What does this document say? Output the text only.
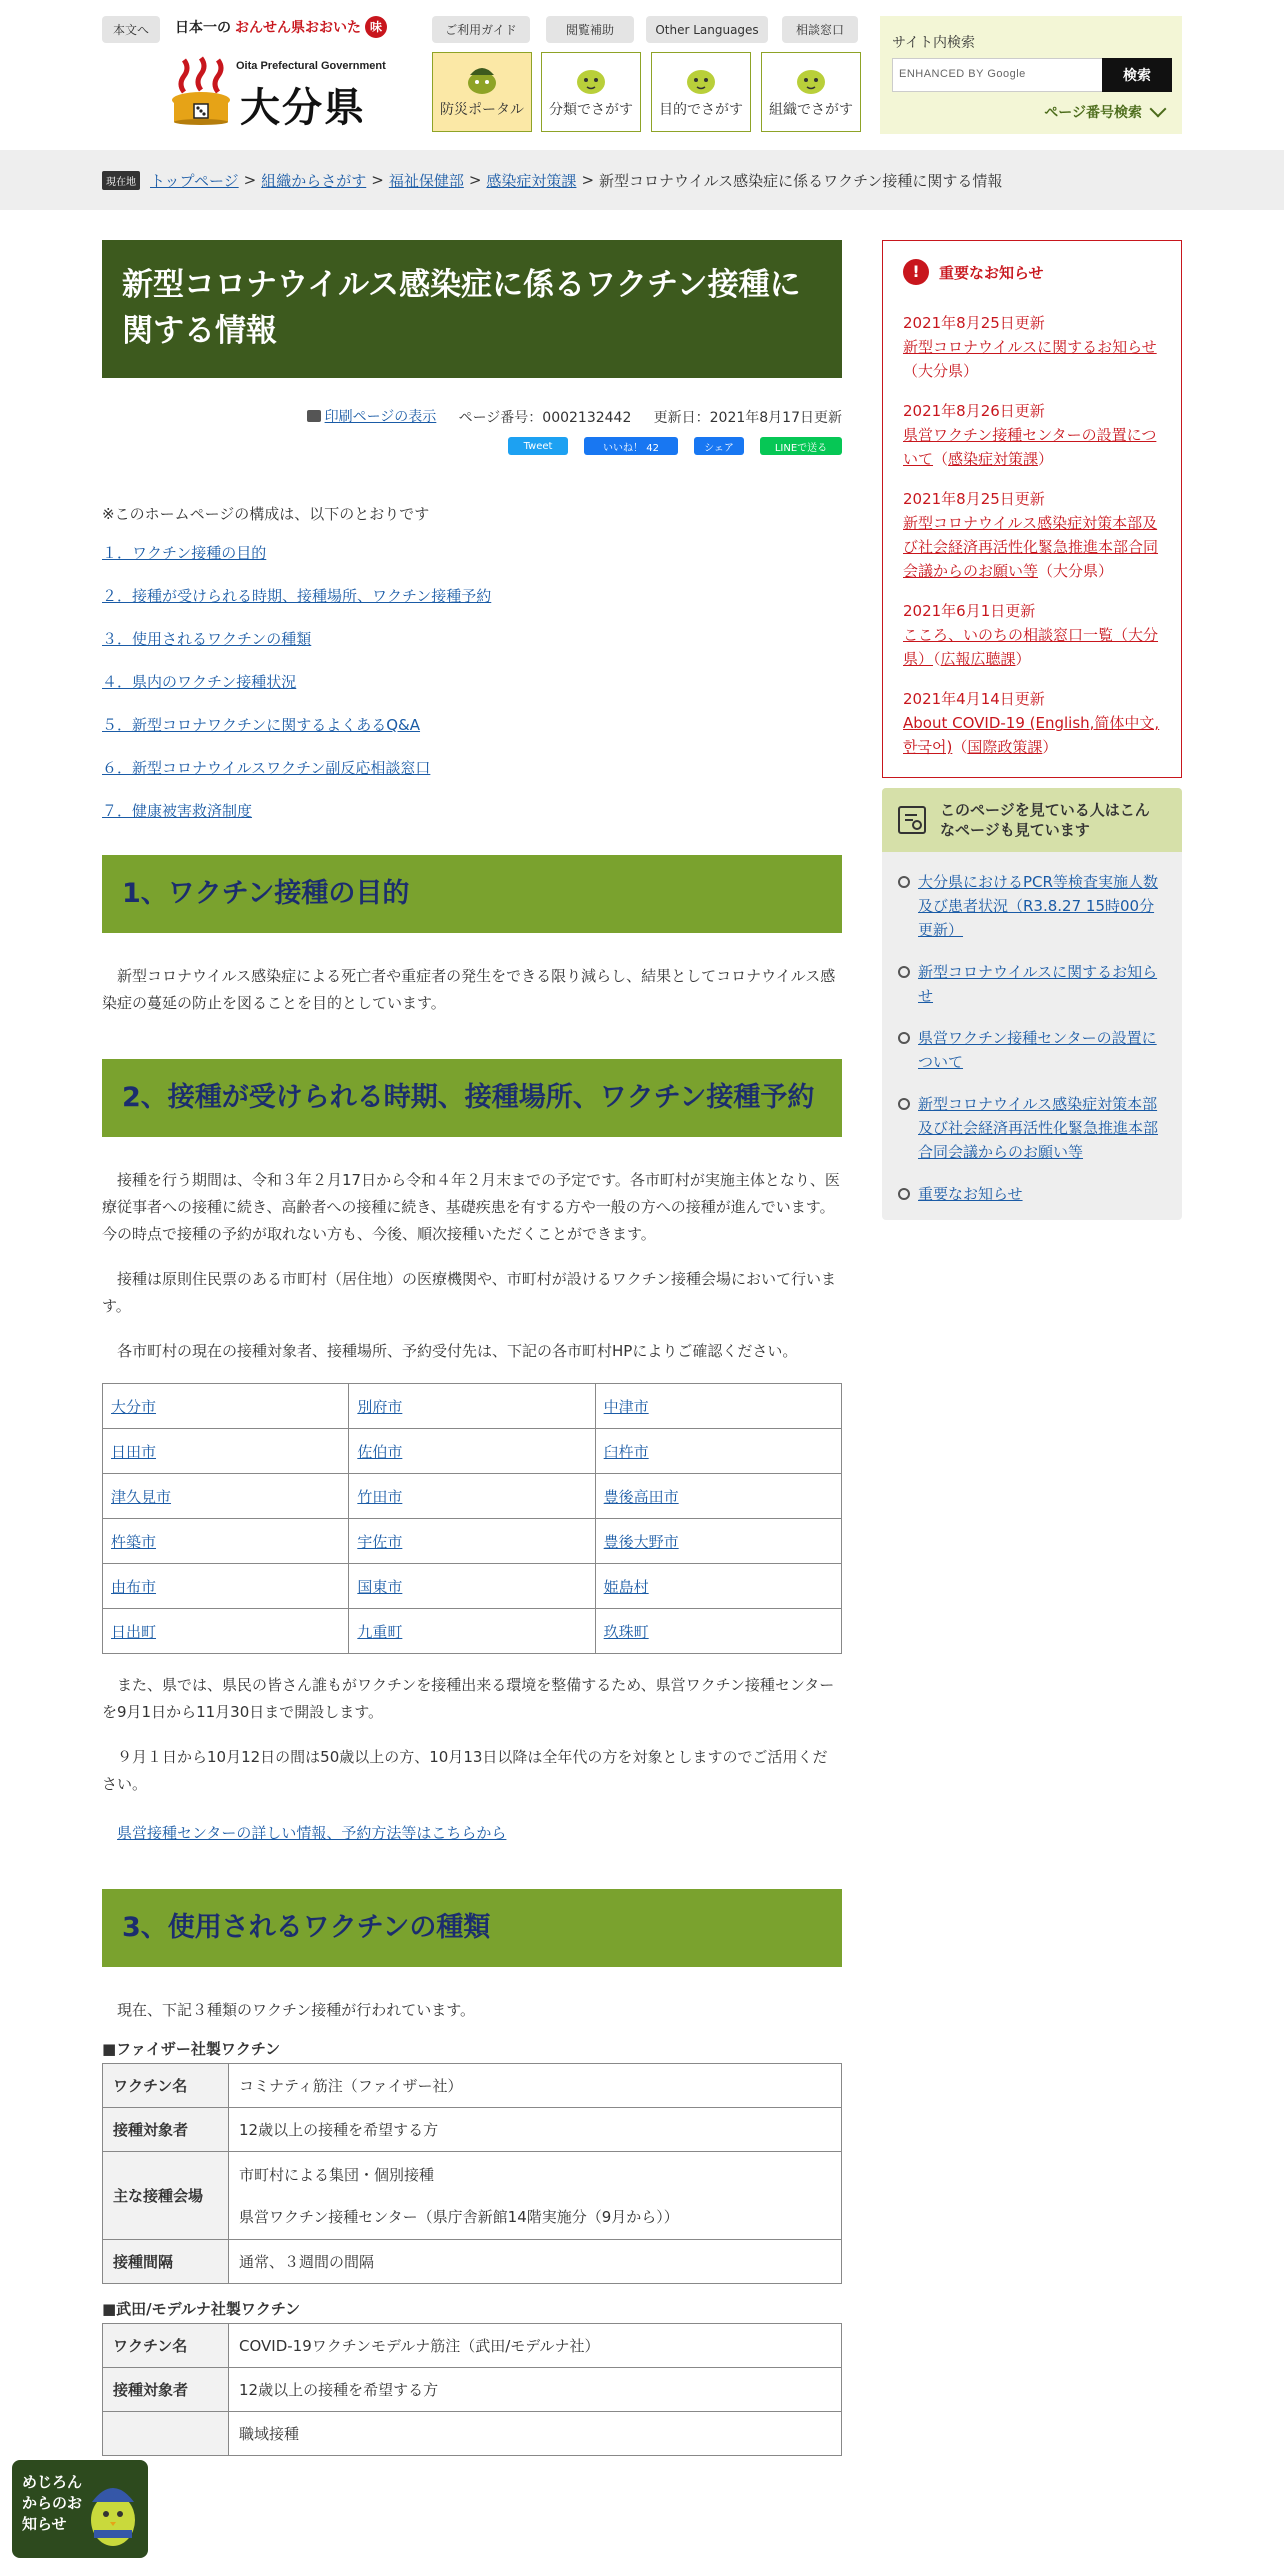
本文へ	日本一の おんせん県おおいた 味
Oita Prefectural Government
大分県
ご利用ガイド	閲覧補助	Other Languages	相談窓口
防災ポータル	分類でさがす	目的でさがす	組織でさがす
サイト内検索
ENHANCED BY Google	検索
ページ番号検索
現在地 トップページ > 組織からさがす > 福祉保健部 > 感染症対策課 > 新型コロナウイルス感染症に係るワクチン接種に関する情報
新型コロナウイルス感染症に係るワクチン接種に関する情報
印刷ページの表示 ページ番号：0002132442 更新日：2021年8月17日更新
Tweet	いいね！ 42	シェア	LINEで送る

※このホームページの構成は、以下のとおりです

１．ワクチン接種の目的
２．接種が受けられる時期、接種場所、ワクチン接種予約
３．使用されるワクチンの種類
４．県内のワクチン接種状況
５．新型コロナワクチンに関するよくあるQ&A
６．新型コロナウイルスワクチン副反応相談窓口
７．健康被害救済制度
1、ワクチン接種の目的

新型コロナウイルス感染症による死亡者や重症者の発生をできる限り減らし、結果としてコロナウイルス感染症の蔓延の防止を図ることを目的としています。

2、接種が受けられる時期、接種場所、ワクチン接種予約

接種を行う期間は、令和３年２月17日から令和４年２月末までの予定です。各市町村が実施主体となり、医療従事者への接種に続き、高齢者への接種に続き、基礎疾患を有する方や一般の方への接種が進んでいます。今の時点で接種の予約が取れない方も、今後、順次接種いただくことができます。

接種は原則住民票のある市町村（居住地）の医療機関や、市町村が設けるワクチン接種会場において行います。

各市町村の現在の接種対象者、接種場所、予約受付先は、下記の各市町村HPによりご確認ください。

大分市	別府市	中津市
日田市	佐伯市	臼杵市
津久見市	竹田市	豊後高田市
杵築市	宇佐市	豊後大野市
由布市	国東市	姫島村
日出町	九重町	玖珠町

また、県では、県民の皆さん誰もがワクチンを接種出来る環境を整備するため、県営ワクチン接種センターを9月1日から11月30日まで開設します。

９月１日から10月12日の間は50歳以上の方、10月13日以降は全年代の方を対象としますのでご活用ください。

県営接種センターの詳しい情報、予約方法等はこちらから

3、使用されるワクチンの種類

現在、下記３種類のワクチン接種が行われています。

■ファイザー社製ワクチン

ワクチン名	コミナティ筋注（ファイザー社）
接種対象者	12歳以上の接種を希望する方
主な接種会場	市町村による集団・個別接種
県営ワクチン接種センター（県庁舎新館14階実施分（9月から））

接種間隔	通常、３週間の間隔

■武田/モデルナ社製ワクチン

ワクチン名	COVID-19ワクチンモデルナ筋注（武田/モデルナ社）
接種対象者	12歳以上の接種を希望する方
	職域接種
!	重要なお知らせ
2021年8月25日更新
新型コロナウイルスに関するお知らせ（大分県）
2021年8月26日更新
県営ワクチン接種センターの設置について（感染症対策課）
2021年8月25日更新
新型コロナウイルス感染症対策本部及び社会経済再活性化緊急推進本部合同会議からのお願い等（大分県）
2021年6月1日更新
こころ、いのちの相談窓口一覧（大分県）（広報広聴課）
2021年4月14日更新
About COVID-19 (English,简体中文,한국어)（国際政策課）
このページを見ている人はこんなページも見ています
大分県におけるPCR等検査実施人数及び患者状況（R3.8.27 15時00分更新）
新型コロナウイルスに関するお知らせ
県営ワクチン接種センターの設置について
新型コロナウイルス感染症対策本部及び社会経済再活性化緊急推進本部合同会議からのお願い等
重要なお知らせ
めじろんからのお知らせ
